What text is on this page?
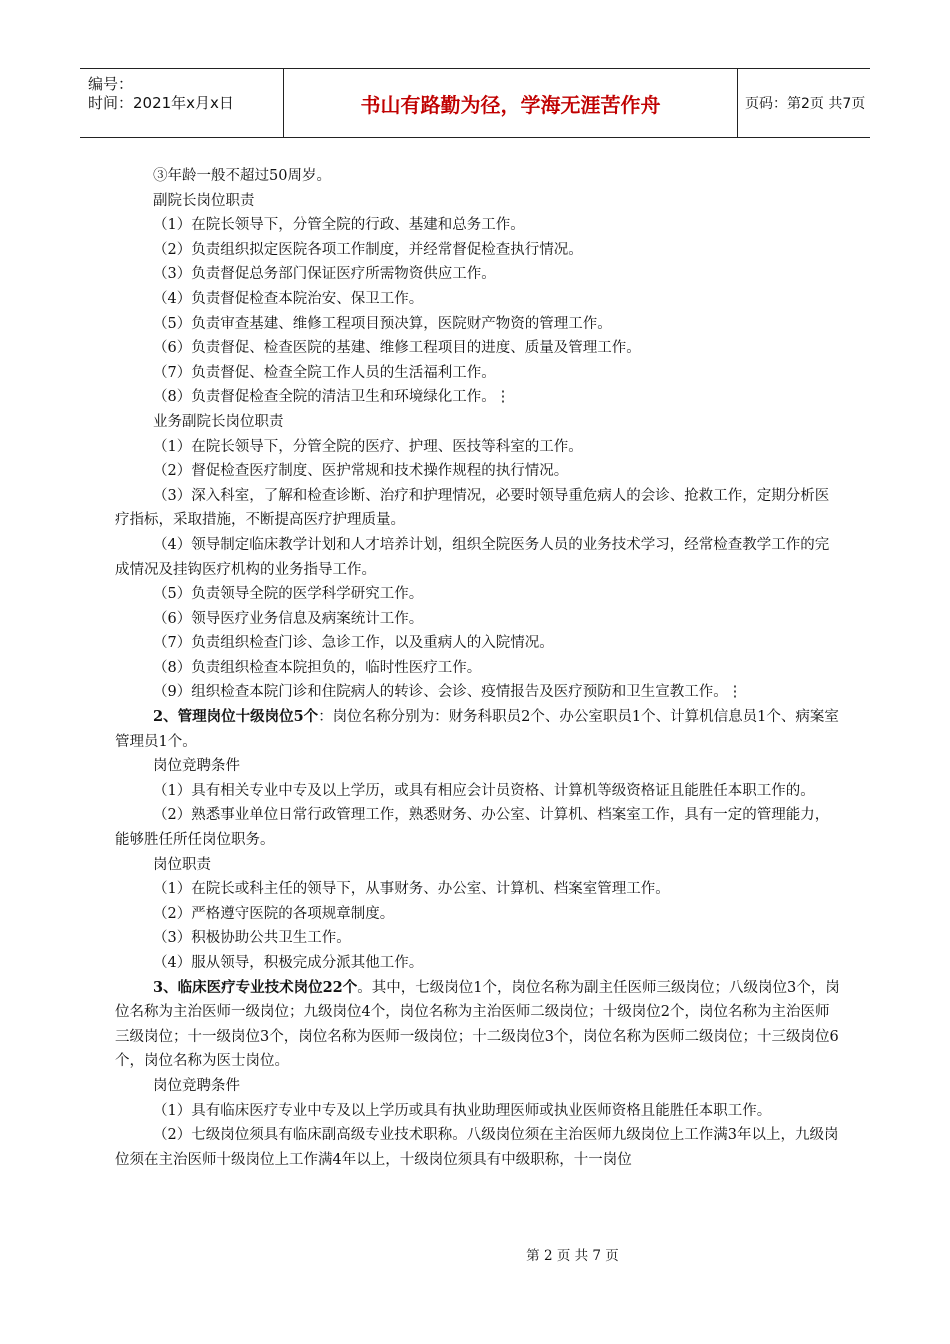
编号：
时间：2021年x月x日	书山有路勤为径，学海无涯苦作舟	页码：第2页 共7页

③年龄一般不超过50周岁。

副院长岗位职责

（1）在院长领导下，分管全院的行政、基建和总务工作。

（2）负责组织拟定医院各项工作制度，并经常督促检查执行情况。

（3）负责督促总务部门保证医疗所需物资供应工作。

（4）负责督促检查本院治安、保卫工作。

（5）负责审查基建、维修工程项目预决算，医院财产物资的管理工作。

（6）负责督促、检查医院的基建、维修工程项目的进度、质量及管理工作。

（7）负责督促、检查全院工作人员的生活福利工作。

（8）负责督促检查全院的清洁卫生和环境绿化工作。⋮

业务副院长岗位职责

（1）在院长领导下，分管全院的医疗、护理、医技等科室的工作。

（2）督促检查医疗制度、医护常规和技术操作规程的执行情况。

（3）深入科室，了解和检查诊断、治疗和护理情况，必要时领导重危病人的会诊、抢救工作，定期分析医疗指标，采取措施，不断提高医疗护理质量。

（4）领导制定临床教学计划和人才培养计划，组织全院医务人员的业务技术学习，经常检查教学工作的完成情况及挂钩医疗机构的业务指导工作。

（5）负责领导全院的医学科学研究工作。

（6）领导医疗业务信息及病案统计工作。

（7）负责组织检查门诊、急诊工作，以及重病人的入院情况。

（8）负责组织检查本院担负的，临时性医疗工作。

（9）组织检查本院门诊和住院病人的转诊、会诊、疫情报告及医疗预防和卫生宣教工作。⋮

2、管理岗位十级岗位5个：岗位名称分别为：财务科职员2个、办公室职员1个、计算机信息员1个、病案室管理员1个。

岗位竞聘条件

（1）具有相关专业中专及以上学历，或具有相应会计员资格、计算机等级资格证且能胜任本职工作的。

（2）熟悉事业单位日常行政管理工作，熟悉财务、办公室、计算机、档案室工作，具有一定的管理能力，能够胜任所任岗位职务。

岗位职责

（1）在院长或科主任的领导下，从事财务、办公室、计算机、档案室管理工作。

（2）严格遵守医院的各项规章制度。

（3）积极协助公共卫生工作。

（4）服从领导，积极完成分派其他工作。

3、临床医疗专业技术岗位22个。其中，七级岗位1个，岗位名称为副主任医师三级岗位；八级岗位3个，岗位名称为主治医师一级岗位；九级岗位4个，岗位名称为主治医师二级岗位；十级岗位2个，岗位名称为主治医师三级岗位；十一级岗位3个，岗位名称为医师一级岗位；十二级岗位3个，岗位名称为医师二级岗位；十三级岗位6个，岗位名称为医士岗位。

岗位竞聘条件

（1）具有临床医疗专业中专及以上学历或具有执业助理医师或执业医师资格且能胜任本职工作。

（2）七级岗位须具有临床副高级专业技术职称。八级岗位须在主治医师九级岗位上工作满3年以上，九级岗位须在主治医师十级岗位上工作满4年以上，十级岗位须具有中级职称，十一岗位

第 2 页 共 7 页
